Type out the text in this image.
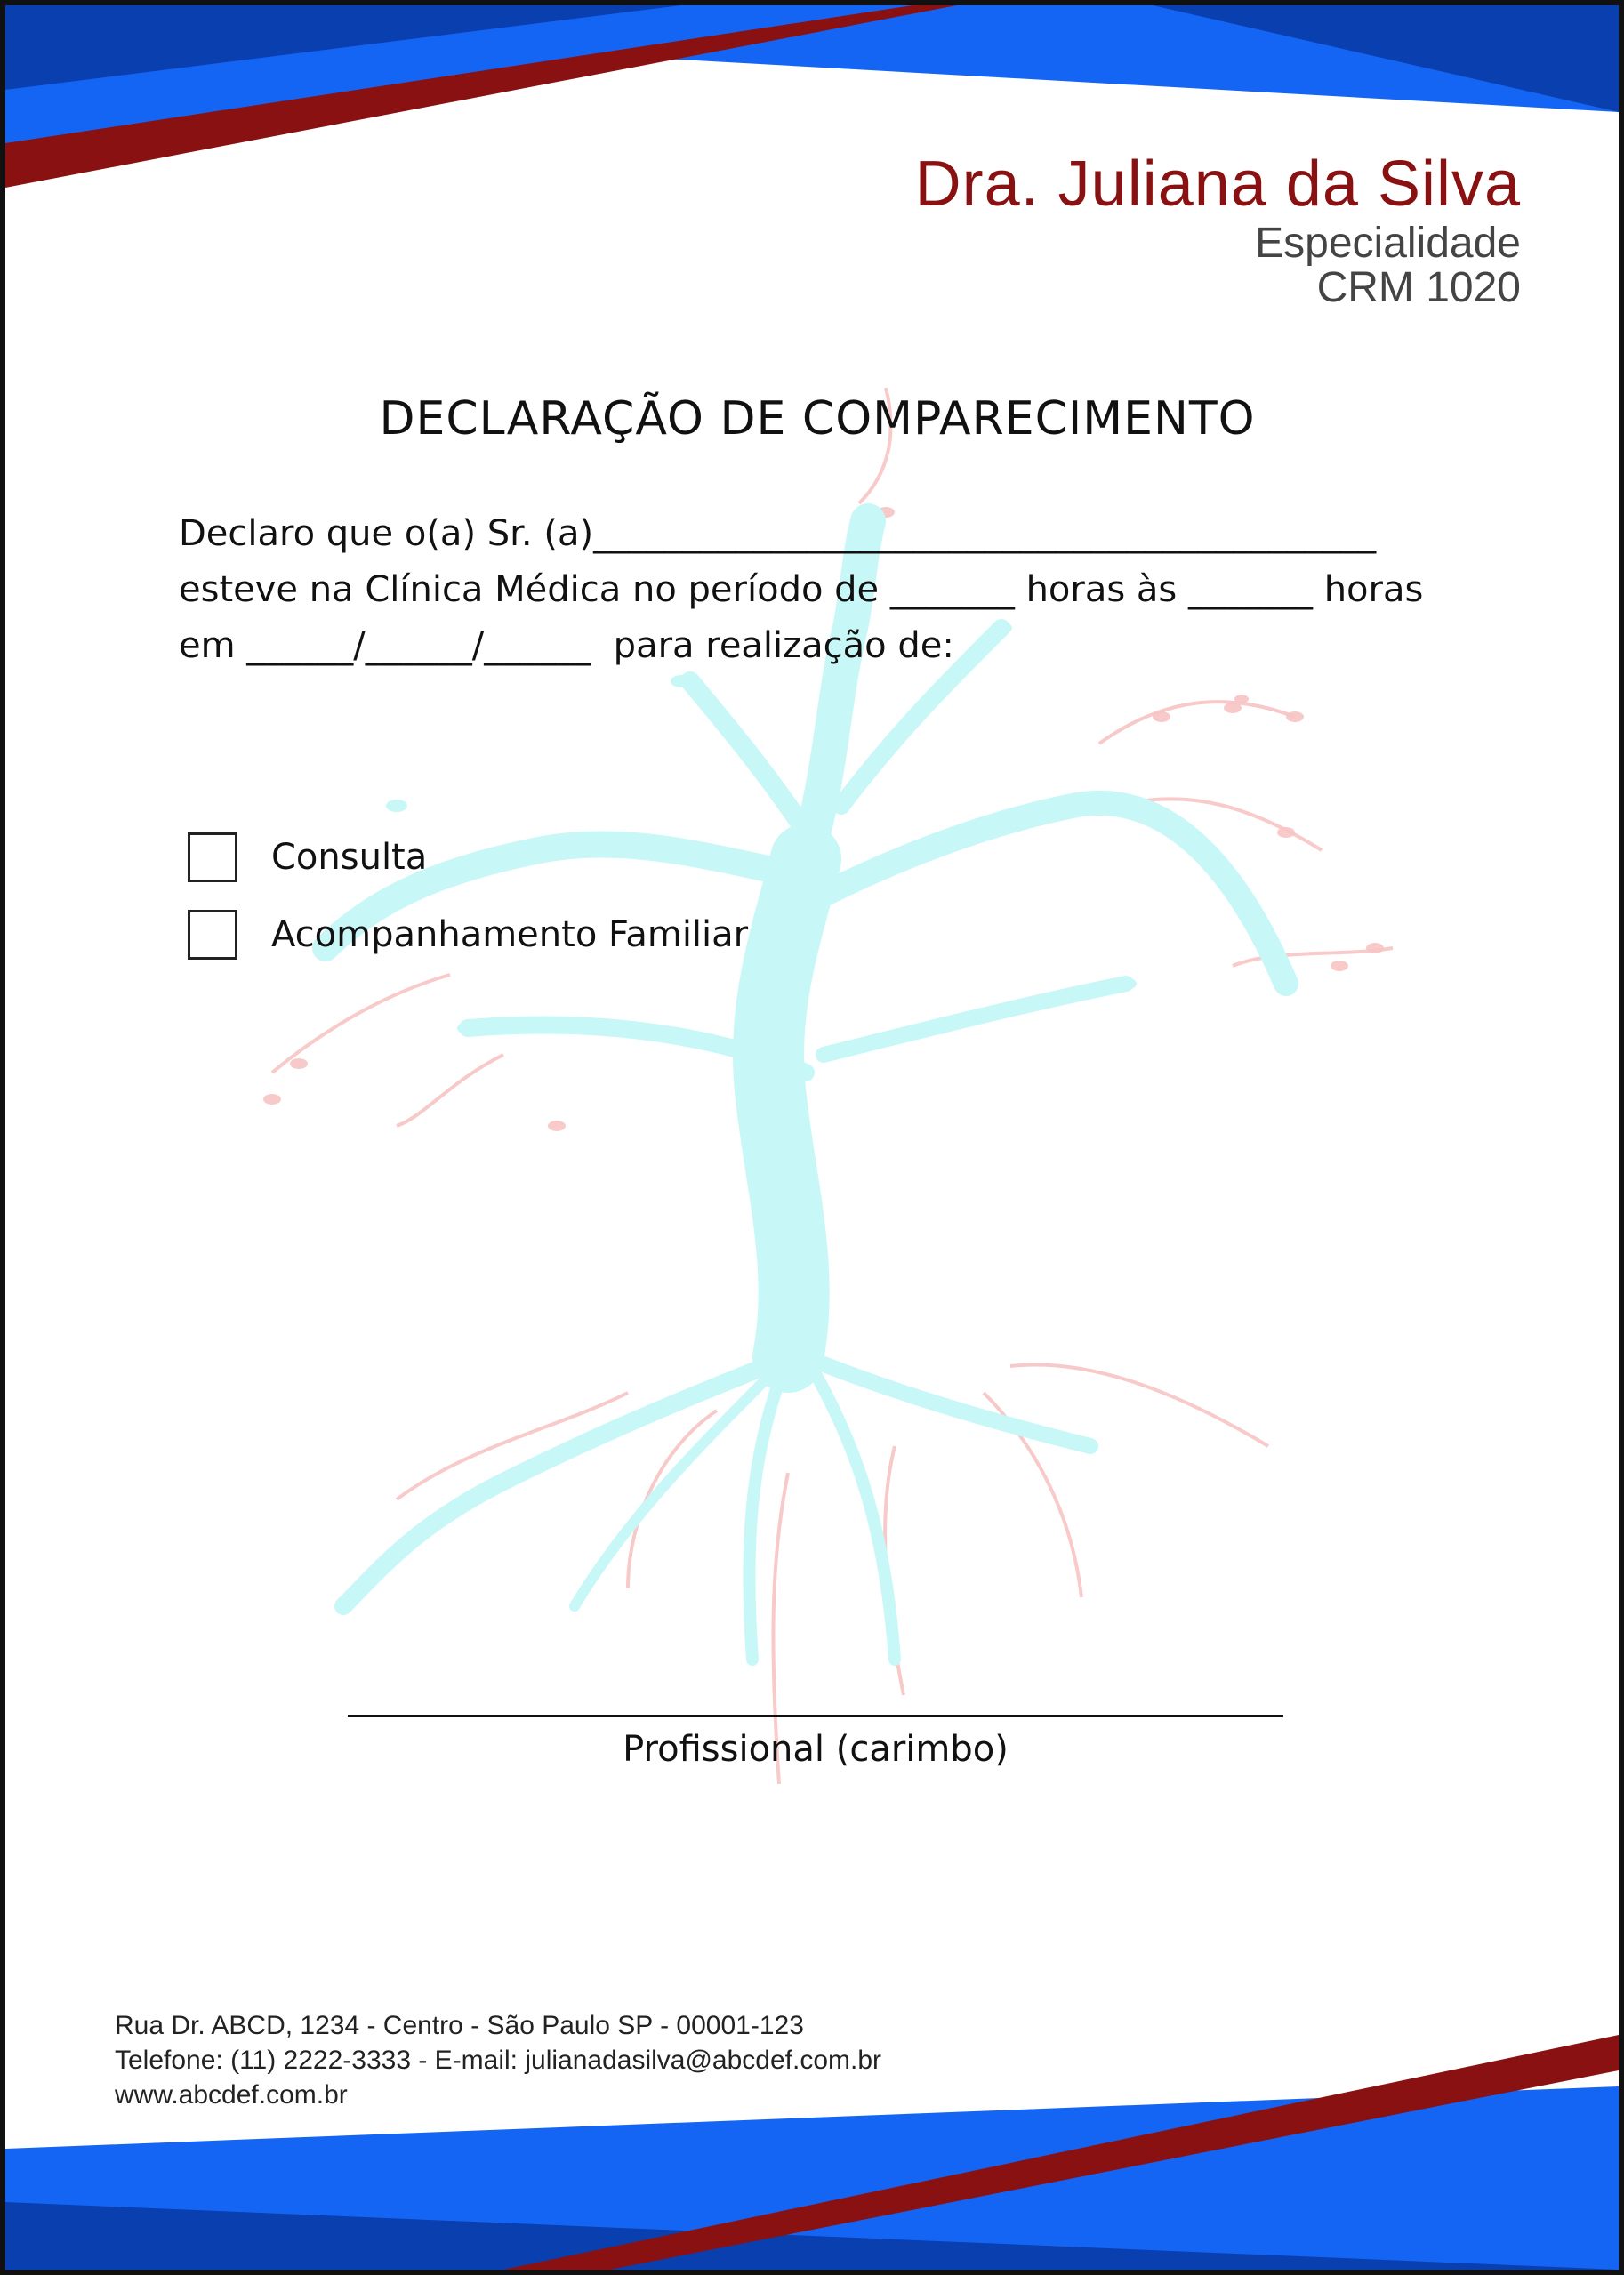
Dra. Juliana da Silva
Especialidade
CRM 1020
DECLARAÇÃO DE COMPARECIMENTO
Declaro que o(a) Sr. (a)____________________________________________
esteve na Clínica Médica no período de _______ horas às _______ horas
em ______/______/______  para realização de:
Consulta
Acompanhamento Familiar
Profissional (carimbo)
Rua Dr. ABCD, 1234 - Centro - São Paulo SP - 00001-123
Telefone: (11) 2222-3333 - E-mail: julianadasilva@abcdef.com.br
www.abcdef.com.br
